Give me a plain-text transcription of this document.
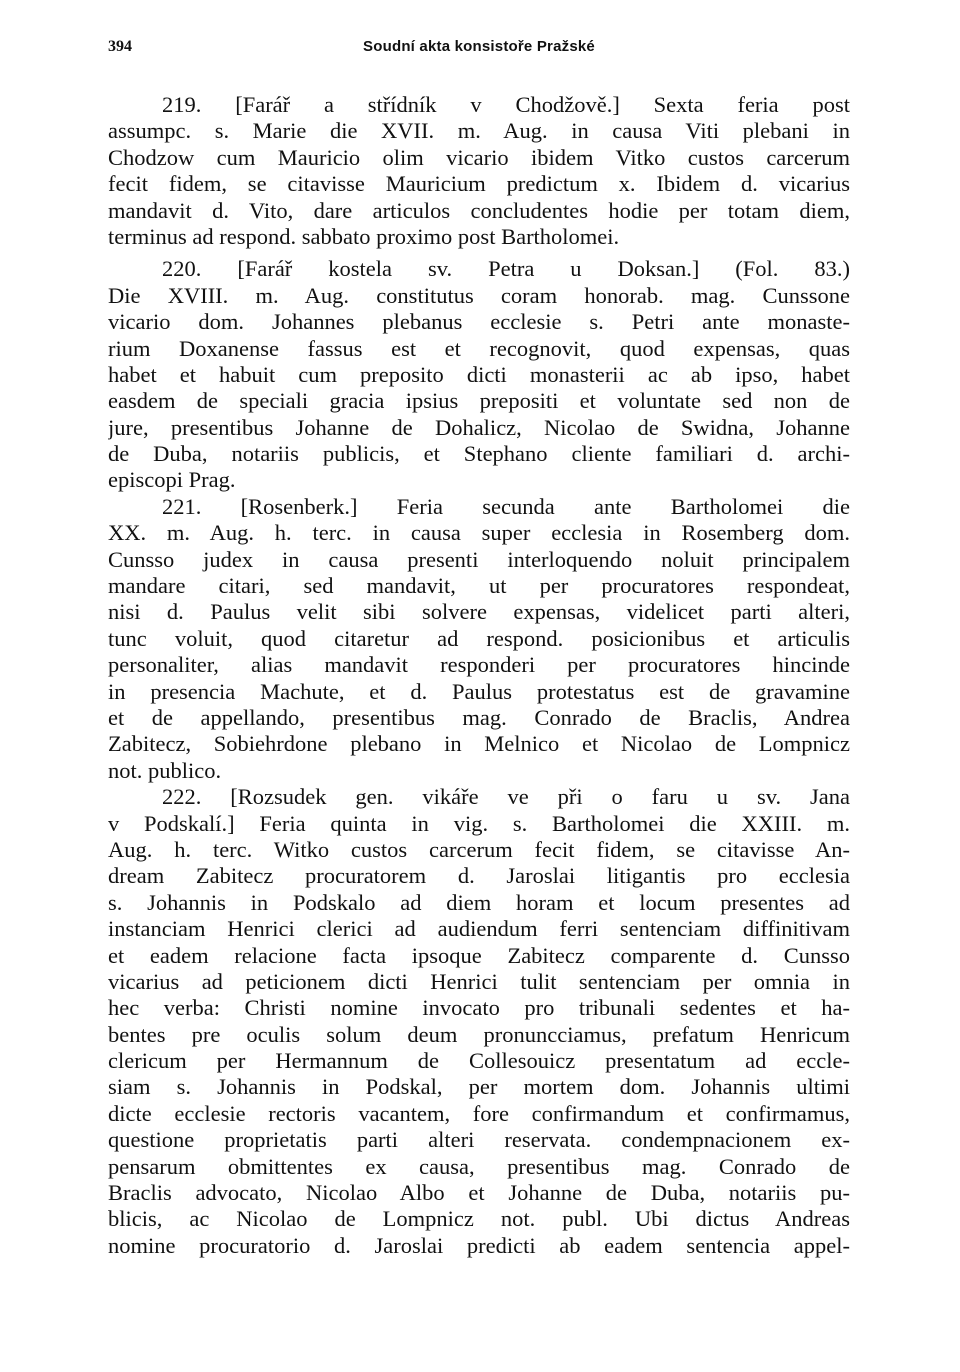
394	Soudní akta konsistoře Pražské
219. [Farář a střídník v Chodžově.] Sexta feria post
assumpc. s. Marie die XVII. m. Aug. in causa Viti plebani in
Chodzow cum Mauricio olim vicario ibidem Vitko custos carcerum
fecit fidem, se citavisse Mauricium predictum x. Ibidem d. vicarius
mandavit d. Vito, dare articulos concludentes hodie per totam diem,
terminus ad respond. sabbato proximo post Bartholomei.
220. [Farář kostela sv. Petra u Doksan.] (Fol. 83.)
Die XVIII. m. Aug. constitutus coram honorab. mag. Cunssone
vicario dom. Johannes plebanus ecclesie s. Petri ante monaste-
rium Doxanense fassus est et recognovit, quod expensas, quas
habet et habuit cum preposito dicti monasterii ac ab ipso, habet
easdem de speciali gracia ipsius prepositi et voluntate sed non de
jure, presentibus Johanne de Dohalicz, Nicolao de Swidna, Johanne
de Duba, notariis publicis, et Stephano cliente familiari d. archi-
episcopi Prag.
221. [Rosenberk.] Feria secunda ante Bartholomei die
XX. m. Aug. h. terc. in causa super ecclesia in Rosemberg dom.
Cunsso judex in causa presenti interloquendo noluit principalem
mandare citari, sed mandavit, ut per procuratores respondeat,
nisi d. Paulus velit sibi solvere expensas, videlicet parti alteri,
tunc voluit, quod citaretur ad respond. posicionibus et articulis
personaliter, alias mandavit responderi per procuratores hincinde
in presencia Machute, et d. Paulus protestatus est de gravamine
et de appellando, presentibus mag. Conrado de Braclis, Andrea
Zabitecz, Sobiehrdone plebano in Melnico et Nicolao de Lompnicz
not. publico.
222. [Rozsudek gen. vikáře ve při o faru u sv. Jana
v Podskalí.] Feria quinta in vig. s. Bartholomei die XXIII. m.
Aug. h. terc. Witko custos carcerum fecit fidem, se citavisse An-
dream Zabitecz procuratorem d. Jaroslai litigantis pro ecclesia
s. Johannis in Podskalo ad diem horam et locum presentes ad
instanciam Henrici clerici ad audiendum ferri sentenciam diffinitivam
et eadem relacione facta ipsoque Zabitecz comparente d. Cunsso
vicarius ad peticionem dicti Henrici tulit sentenciam per omnia in
hec verba: Christi nomine invocato pro tribunali sedentes et ha-
bentes pre oculis solum deum pronuncciamus, prefatum Henricum
clericum per Hermannum de Collesouicz presentatum ad eccle-
siam s. Johannis in Podskal, per mortem dom. Johannis ultimi
dicte ecclesie rectoris vacantem, fore confirmandum et confirmamus,
questione proprietatis parti alteri reservata. condempnacionem ex-
pensarum obmittentes ex causa, presentibus mag. Conrado de
Braclis advocato, Nicolao Albo et Johanne de Duba, notariis pu-
blicis, ac Nicolao de Lompnicz not. publ. Ubi dictus Andreas
nomine procuratorio d. Jaroslai predicti ab eadem sentencia appel-
